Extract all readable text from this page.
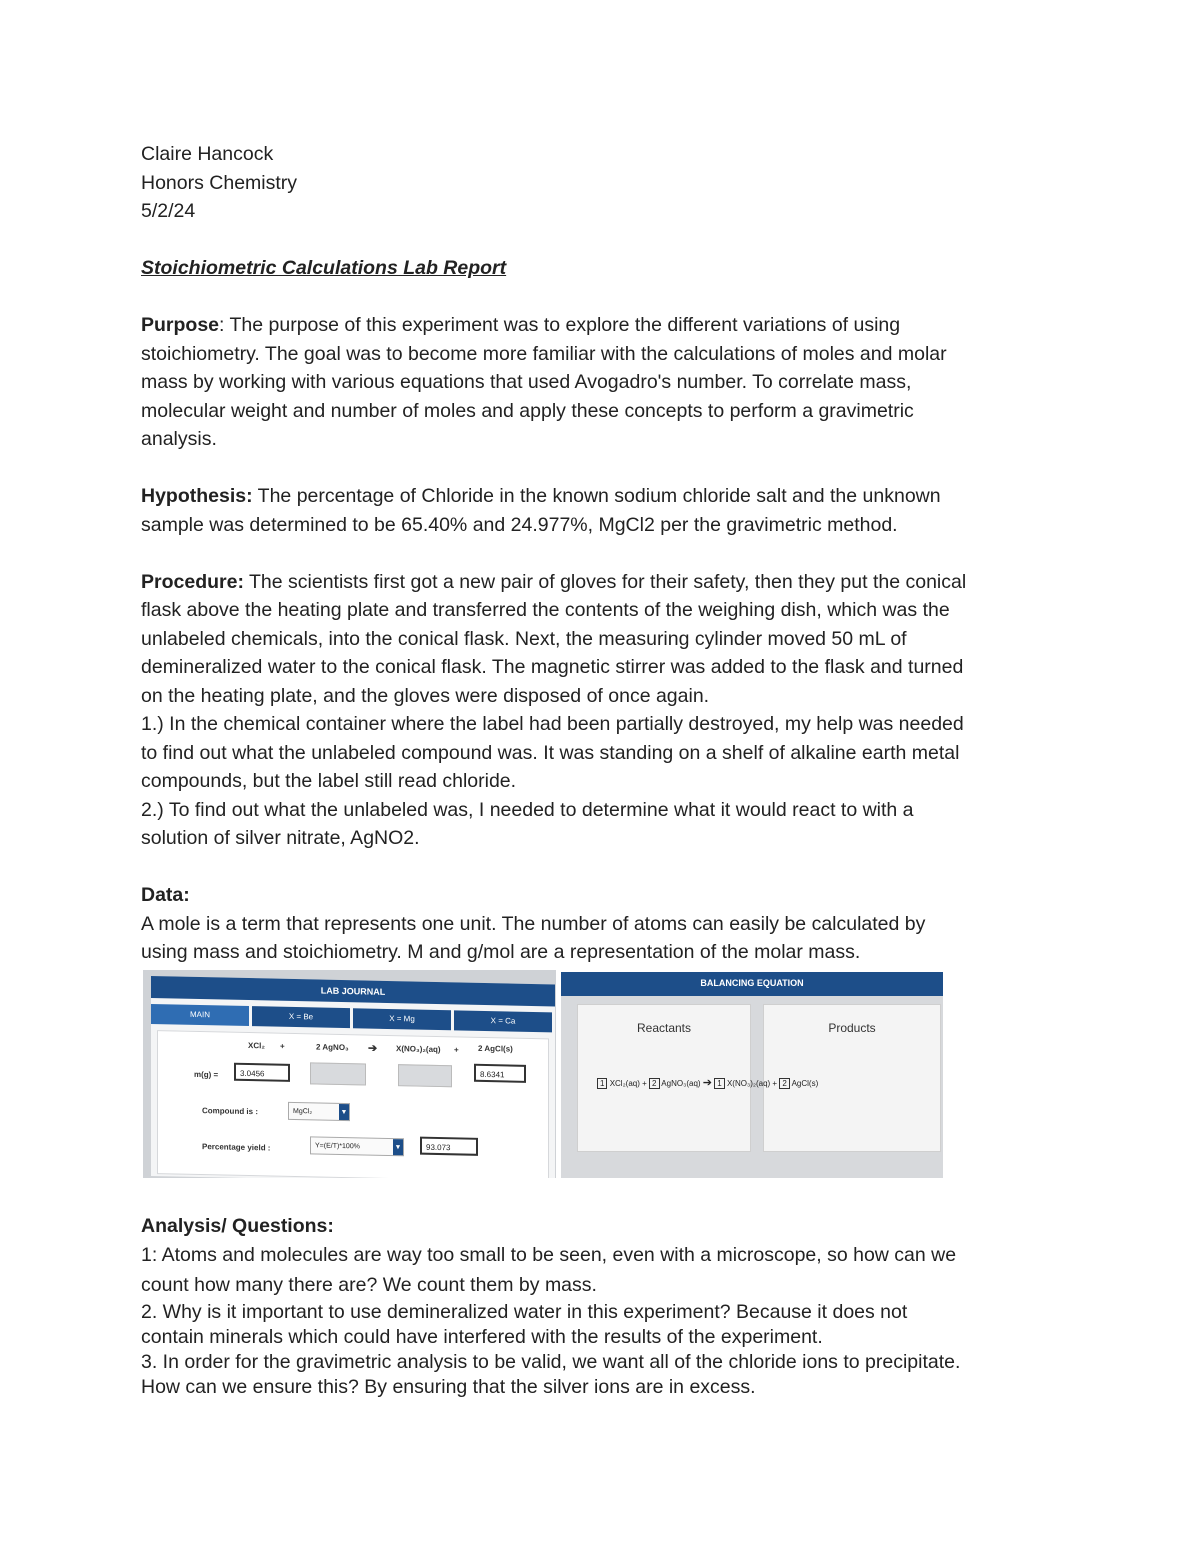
Claire Hancock
Honors Chemistry
5/2/24
Stoichiometric Calculations Lab Report
Purpose: The purpose of this experiment was to explore the different variations of using
stoichiometry. The goal was to become more familiar with the calculations of moles and molar
mass by working with various equations that used Avogadro's number. To correlate mass,
molecular weight and number of moles and apply these concepts to perform a gravimetric
analysis.
Hypothesis: The percentage of Chloride in the known sodium chloride salt and the unknown
sample was determined to be 65.40% and 24.977%, MgCl2 per the gravimetric method.
Procedure: The scientists first got a new pair of gloves for their safety, then they put the conical
flask above the heating plate and transferred the contents of the weighing dish, which was the
unlabeled chemicals, into the conical flask. Next, the measuring cylinder moved 50 mL of
demineralized water to the conical flask. The magnetic stirrer was added to the flask and turned
on the heating plate, and the gloves were disposed of once again.
1.) In the chemical container where the label had been partially destroyed, my help was needed
to find out what the unlabeled compound was. It was standing on a shelf of alkaline earth metal
compounds, but the label still read chloride.
2.) To find out what the unlabeled was, I needed to determine what it would react to with a
solution of silver nitrate, AgNO2.
Data:
A mole is a term that represents one unit. The number of atoms can easily be calculated by
using mass and stoichiometry. M and g/mol are a representation of the molar mass.
LAB JOURNAL
MAIN	X = Be	X = Mg	X = Ca
XCl₂ +	2 AgNO₃ ➔ X(NO₃)₂(aq) + 2 AgCl(s)
m(g) =	3.0456	8.6341
Compound is :	MgCl₂	▼
Percentage yield :	Y=(E/T)*100%	▼	93.073
BALANCING EQUATION
Reactants	Products
1 XCl₂(aq) + 2 AgNO₃(aq) ➔ 1 X(NO₃)₂(aq) + 2 AgCl(s)
Analysis/ Questions:
1: Atoms and molecules are way too small to be seen, even with a microscope, so how can we
count how many there are? We count them by mass.
2. Why is it important to use demineralized water in this experiment? Because it does not
contain minerals which could have interfered with the results of the experiment.
3. In order for the gravimetric analysis to be valid, we want all of the chloride ions to precipitate.
How can we ensure this? By ensuring that the silver ions are in excess.
